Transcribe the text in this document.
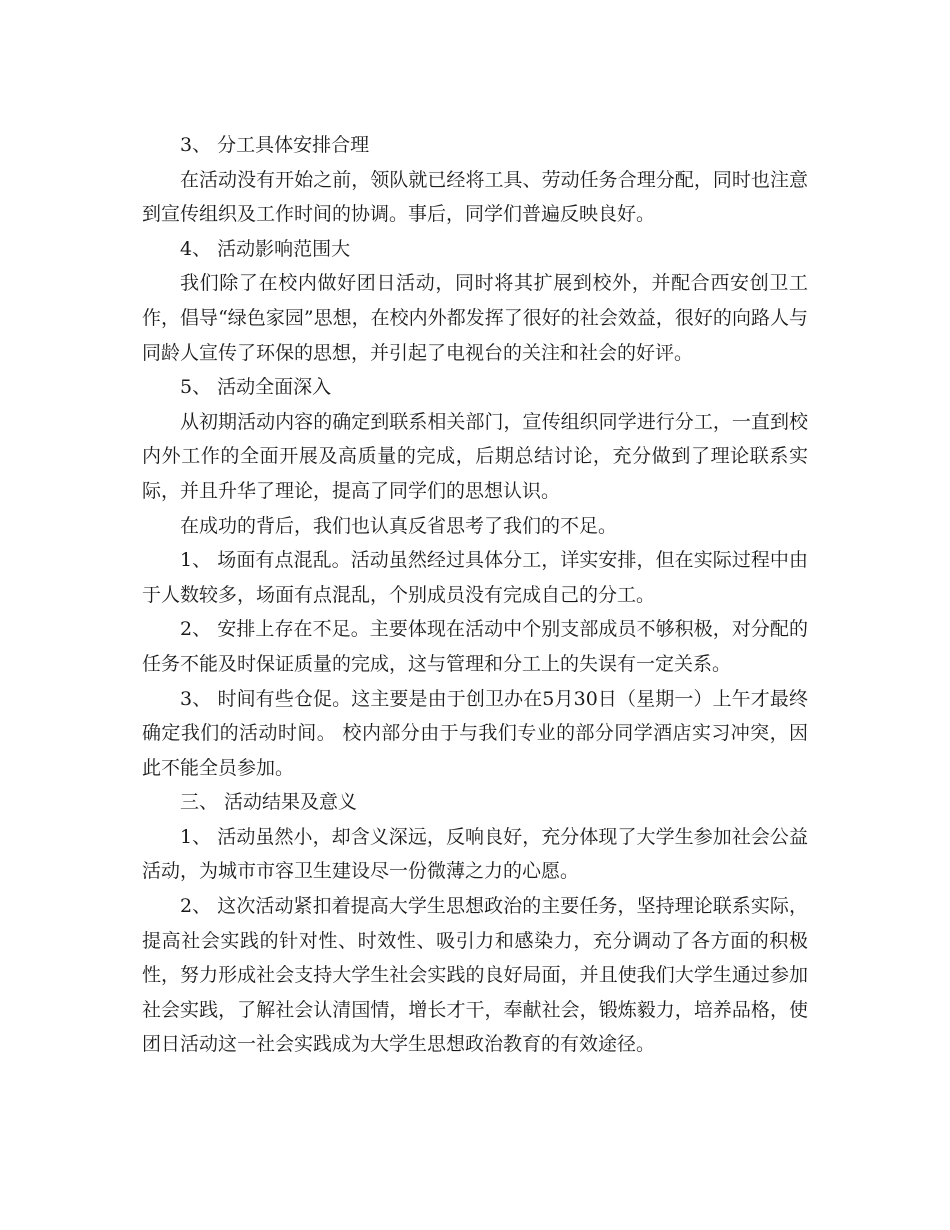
3、 分工具体安排合理

在活动没有开始之前，领队就已经将工具、劳动任务合理分配，同时也注意到宣传组织及工作时间的协调。事后，同学们普遍反映良好。

4、 活动影响范围大

我们除了在校内做好团日活动，同时将其扩展到校外，并配合西安创卫工作，倡导“绿色家园”思想，在校内外都发挥了很好的社会效益，很好的向路人与同龄人宣传了环保的思想，并引起了电视台的关注和社会的好评。

5、 活动全面深入

从初期活动内容的确定到联系相关部门，宣传组织同学进行分工，一直到校内外工作的全面开展及高质量的完成，后期总结讨论，充分做到了理论联系实际，并且升华了理论，提高了同学们的思想认识。

在成功的背后，我们也认真反省思考了我们的不足。

1、 场面有点混乱。活动虽然经过具体分工，详实安排，但在实际过程中由于人数较多，场面有点混乱，个别成员没有完成自己的分工。

2、 安排上存在不足。主要体现在活动中个别支部成员不够积极，对分配的任务不能及时保证质量的完成，这与管理和分工上的失误有一定关系。

3、 时间有些仓促。这主要是由于创卫办在5月30日（星期一）上午才最终确定我们的活动时间。 校内部分由于与我们专业的部分同学酒店实习冲突，因此不能全员参加。

三、 活动结果及意义

1、 活动虽然小，却含义深远，反响良好，充分体现了大学生参加社会公益活动，为城市市容卫生建设尽一份微薄之力的心愿。

2、 这次活动紧扣着提高大学生思想政治的主要任务，坚持理论联系实际，提高社会实践的针对性、时效性、吸引力和感染力，充分调动了各方面的积极性，努力形成社会支持大学生社会实践的良好局面，并且使我们大学生通过参加社会实践，了解社会认清国情，增长才干，奉献社会，锻炼毅力，培养品格，使团日活动这一社会实践成为大学生思想政治教育的有效途径。
